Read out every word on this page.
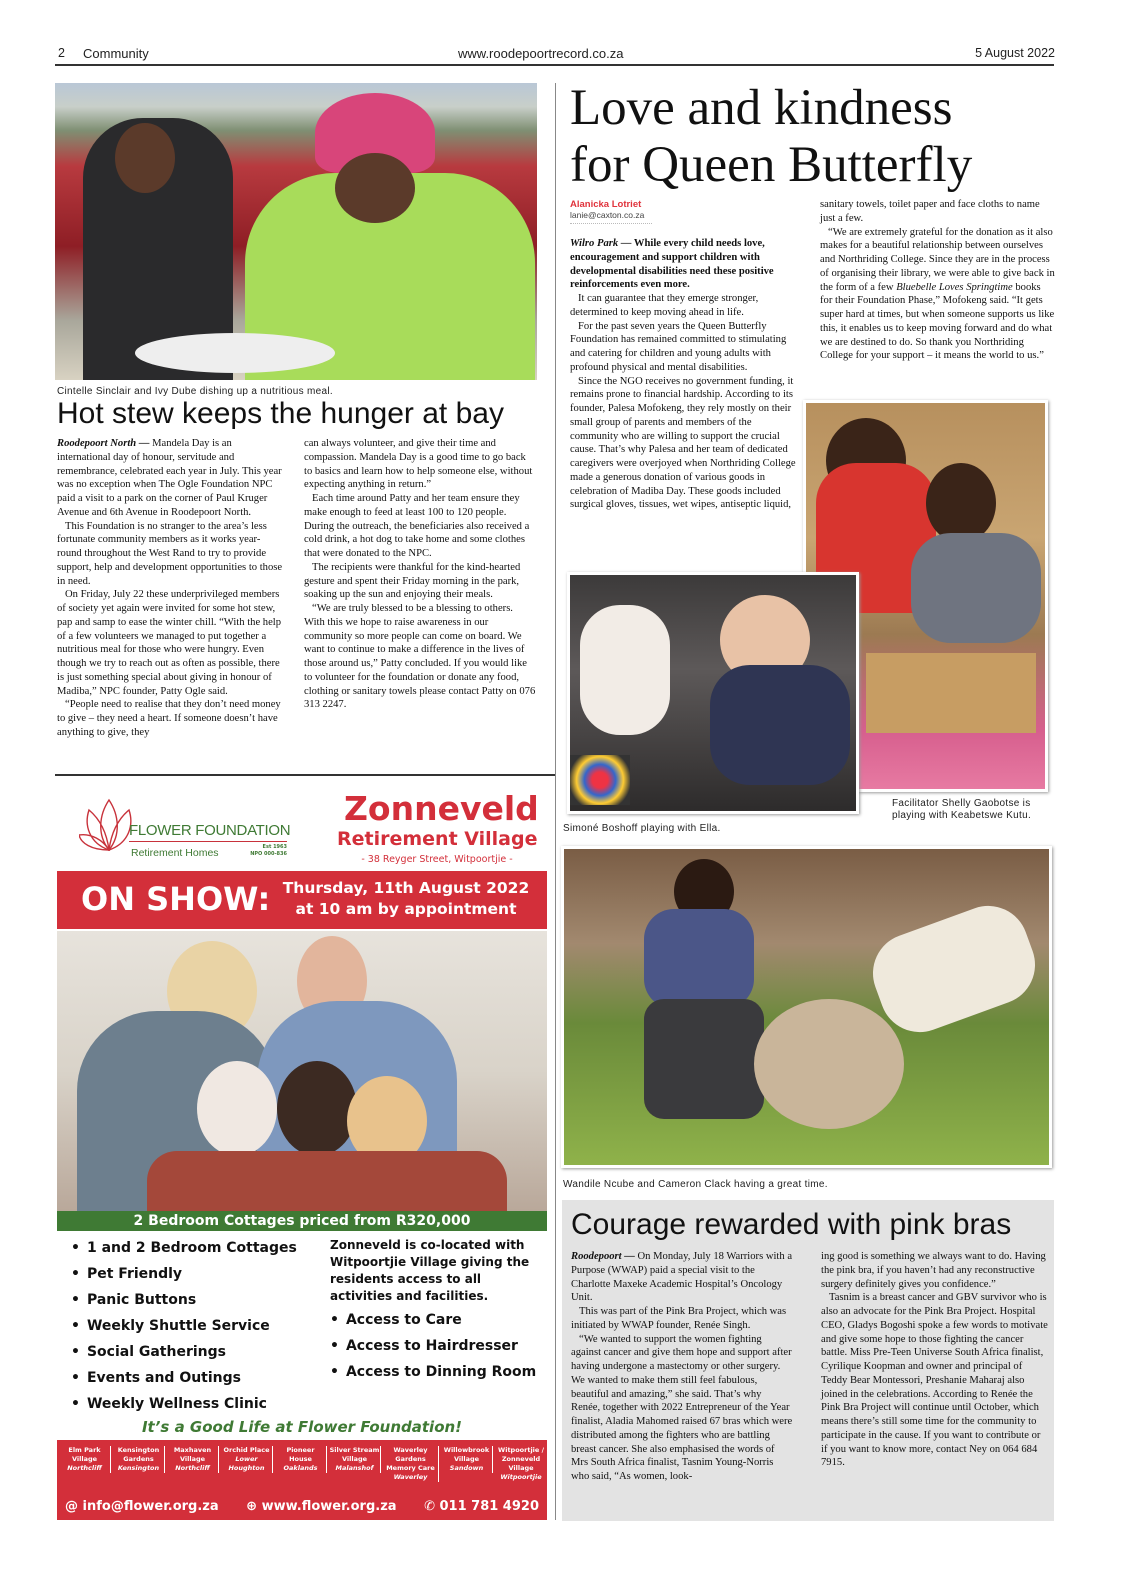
2 Community	www.roodepoortrecord.co.za	5 August 2022
Cintelle Sinclair and Ivy Dube dishing up a nutritious meal.
Hot stew keeps the hunger at bay

Roodepoort North — Mandela Day is an international day of honour, servitude and remembrance, celebrated each year in July. This year was no exception when The Ogle Foundation NPC paid a visit to a park on the corner of Paul Kruger Avenue and 6th Avenue in Roodepoort North.

This Foundation is no stranger to the area’s less fortunate community members as it works year-round throughout the West Rand to try to provide support, help and development opportunities to those in need.

On Friday, July 22 these underprivileged members of society yet again were invited for some hot stew, pap and samp to ease the winter chill. “With the help of a few volunteers we managed to put together a nutritious meal for those who were hungry. Even though we try to reach out as often as possible, there is just something special about giving in honour of Madiba,” NPC founder, Patty Ogle said.

“People need to realise that they don’t need money to give – they need a heart. If someone doesn’t have anything to give, they

can always volunteer, and give their time and compassion. Mandela Day is a good time to go back to basics and learn how to help someone else, without expecting anything in return.”

Each time around Patty and her team ensure they make enough to feed at least 100 to 120 people. During the outreach, the beneficiaries also received a cold drink, a hot dog to take home and some clothes that were donated to the NPC.

The recipients were thankful for the kind-hearted gesture and spent their Friday morning in the park, soaking up the sun and enjoying their meals.

“We are truly blessed to be a blessing to others. With this we hope to raise awareness in our community so more people can come on board. We want to continue to make a difference in the lives of those around us,” Patty concluded. If you would like to volunteer for the foundation or donate any food, clothing or sanitary towels please contact Patty on 076 313 2247.

Love and kindness
for Queen Butterfly
Alanicka Lotriet
lanie@caxton.co.za

Wilro Park — While every child needs love, encouragement and support children with developmental disabilities need these positive reinforcements even more.

It can guarantee that they emerge stronger, determined to keep moving ahead in life.

For the past seven years the Queen Butterfly Foundation has remained committed to stimulating and catering for children and young adults with profound physical and mental disabilities.

Since the NGO receives no government funding, it remains prone to financial hardship. According to its founder, Palesa Mofokeng, they rely mostly on their small group of parents and members of the community who are willing to support the crucial cause. That’s why Palesa and her team of dedicated caregivers were overjoyed when Northriding College made a generous donation of various goods in celebration of Madiba Day. These goods included surgical gloves, tissues, wet wipes, antiseptic liquid,

sanitary towels, toilet paper and face cloths to name just a few.

“We are extremely grateful for the donation as it also makes for a beautiful relationship between ourselves and Northriding College. Since they are in the process of organising their library, we were able to give back in the form of a few Bluebelle Loves Springtime books for their Foundation Phase,” Mofokeng said. “It gets super hard at times, but when someone supports us like this, it enables us to keep moving forward and do what we are destined to do. So thank you Northriding College for your support – it means the world to us.”

Simoné Boshoff playing with Ella.
Facilitator Shelly Gaobotse is playing with Keabetswe Kutu.
Wandile Ncube and Cameron Clack having a great time.
Courage rewarded with pink bras

Roodepoort — On Monday, July 18 Warriors with a Purpose (WWAP) paid a special visit to the Charlotte Maxeke Academic Hospital’s Oncology Unit.

This was part of the Pink Bra Project, which was initiated by WWAP founder, Renée Singh.

“We wanted to support the women fighting against cancer and give them hope and support after having undergone a mastectomy or other surgery. We wanted to make them still feel fabulous, beautiful and amazing,” she said. That’s why Renée, together with 2022 Entrepreneur of the Year finalist, Aladia Mahomed raised 67 bras which were distributed among the fighters who are battling breast cancer. She also emphasised the words of Mrs South Africa finalist, Tasnim Young-Norris who said, “As women, look-

ing good is something we always want to do. Having the pink bra, if you haven’t had any reconstructive surgery definitely gives you confidence.”

Tasnim is a breast cancer and GBV survivor who is also an advocate for the Pink Bra Project. Hospital CEO, Gladys Bogoshi spoke a few words to motivate and give some hope to those fighting the cancer battle. Miss Pre-Teen Universe South Africa finalist, Cyrilique Koopman and owner and principal of Teddy Bear Montessori, Preshanie Maharaj also joined in the celebrations. According to Renée the Pink Bra Project will continue until October, which means there’s still some time for the community to participate in the cause. If you want to contribute or if you want to know more, contact Ney on 064 684 7915.

FLOWER FOUNDATION
Retirement Homes	Est 1963
NPO 000-836
Zonneveld
Retirement Village
- 38 Reyger Street, Witpoortjie -
ON SHOW: Thursday, 11th August 2022
at 10 am by appointment
2 Bedroom Cottages priced from R320,000
• 1 and 2 Bedroom Cottages
• Pet Friendly
• Panic Buttons
• Weekly Shuttle Service
• Social Gatherings
• Events and Outings
• Weekly Wellness Clinic
Zonneveld is co-located with Witpoortjie Village giving the residents access to all activities and facilities.
• Access to Care
• Access to Hairdresser
• Access to Dinning Room
It’s a Good Life at Flower Foundation!
Elm Park Village
Northcliff
Kensington Gardens
Kensington
Maxhaven Village
Northcliff
Orchid Place
Lower Houghton
Pioneer House
Oaklands
Silver Stream Village
Malanshof
Waverley Gardens Memory Care
Waverley
Willowbrook Village
Sandown
Witpoortjie / Zonneveld Village
Witpoortjie
@ info@flower.org.za ⊕ www.flower.org.za ✆ 011 781 4920
